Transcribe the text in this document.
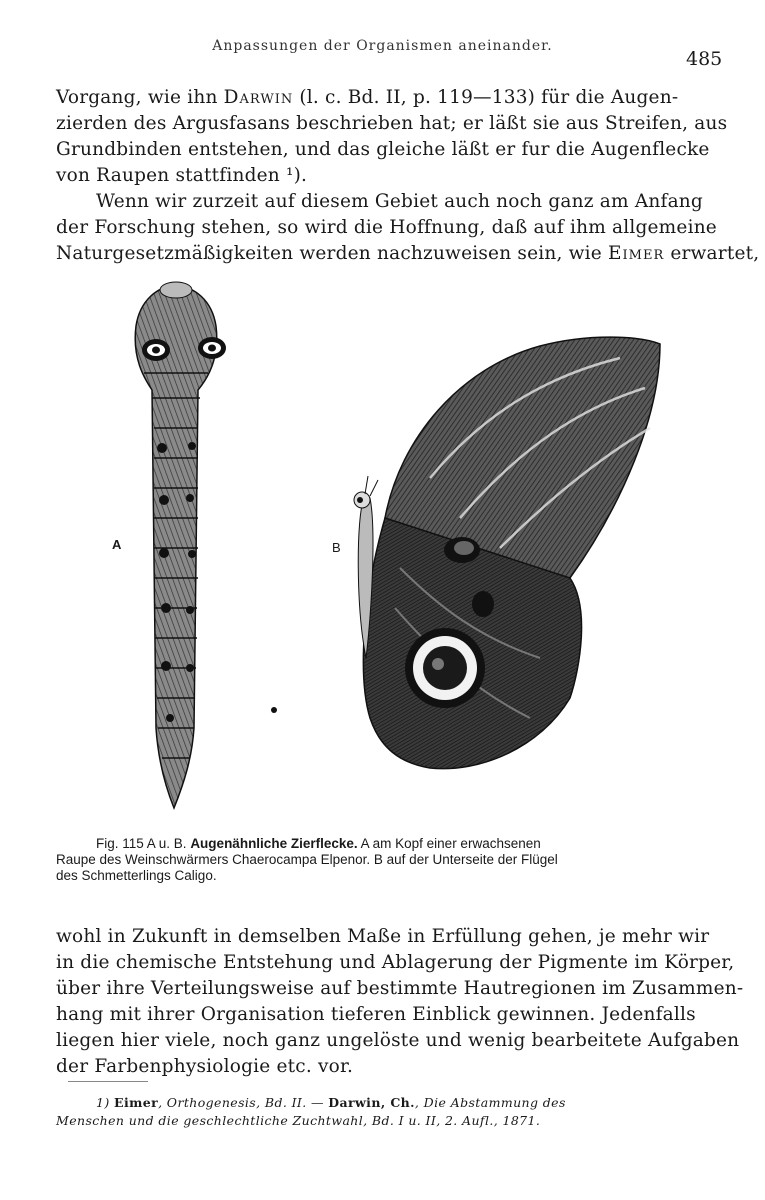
Anpassungen der Organismen aneinander.
485
Vorgang, wie ihn Darwin (l. c. Bd. II, p. 119—133) für die Augen-
zierden des Argusfasans beschrieben hat; er läßt sie aus Streifen, aus
Grundbinden entstehen, und das gleiche läßt er fur die Augenflecke
von Raupen stattfinden ¹).
Wenn wir zurzeit auf diesem Gebiet auch noch ganz am Anfang
der Forschung stehen, so wird die Hoffnung, daß auf ihm allgemeine
Naturgesetzmäßigkeiten werden nachzuweisen sein, wie Eimer erwartet,
A	B
Fig. 115 A u. B. Augenähnliche Zierflecke. A am Kopf einer erwachsenen
Raupe des Weinschwärmers Chaerocampa Elpenor. B auf der Unterseite der Flügel
des Schmetterlings Caligo.
wohl in Zukunft in demselben Maße in Erfüllung gehen, je mehr wir
in die chemische Entstehung und Ablagerung der Pigmente im Körper,
über ihre Verteilungsweise auf bestimmte Hautregionen im Zusammen-
hang mit ihrer Organisation tieferen Einblick gewinnen. Jedenfalls
liegen hier viele, noch ganz ungelöste und wenig bearbeitete Aufgaben
der Farbenphysiologie etc. vor.
1) Eimer, Orthogenesis, Bd. II. — Darwin, Ch., Die Abstammung des
Menschen und die geschlechtliche Zuchtwahl, Bd. I u. II, 2. Aufl., 1871.
